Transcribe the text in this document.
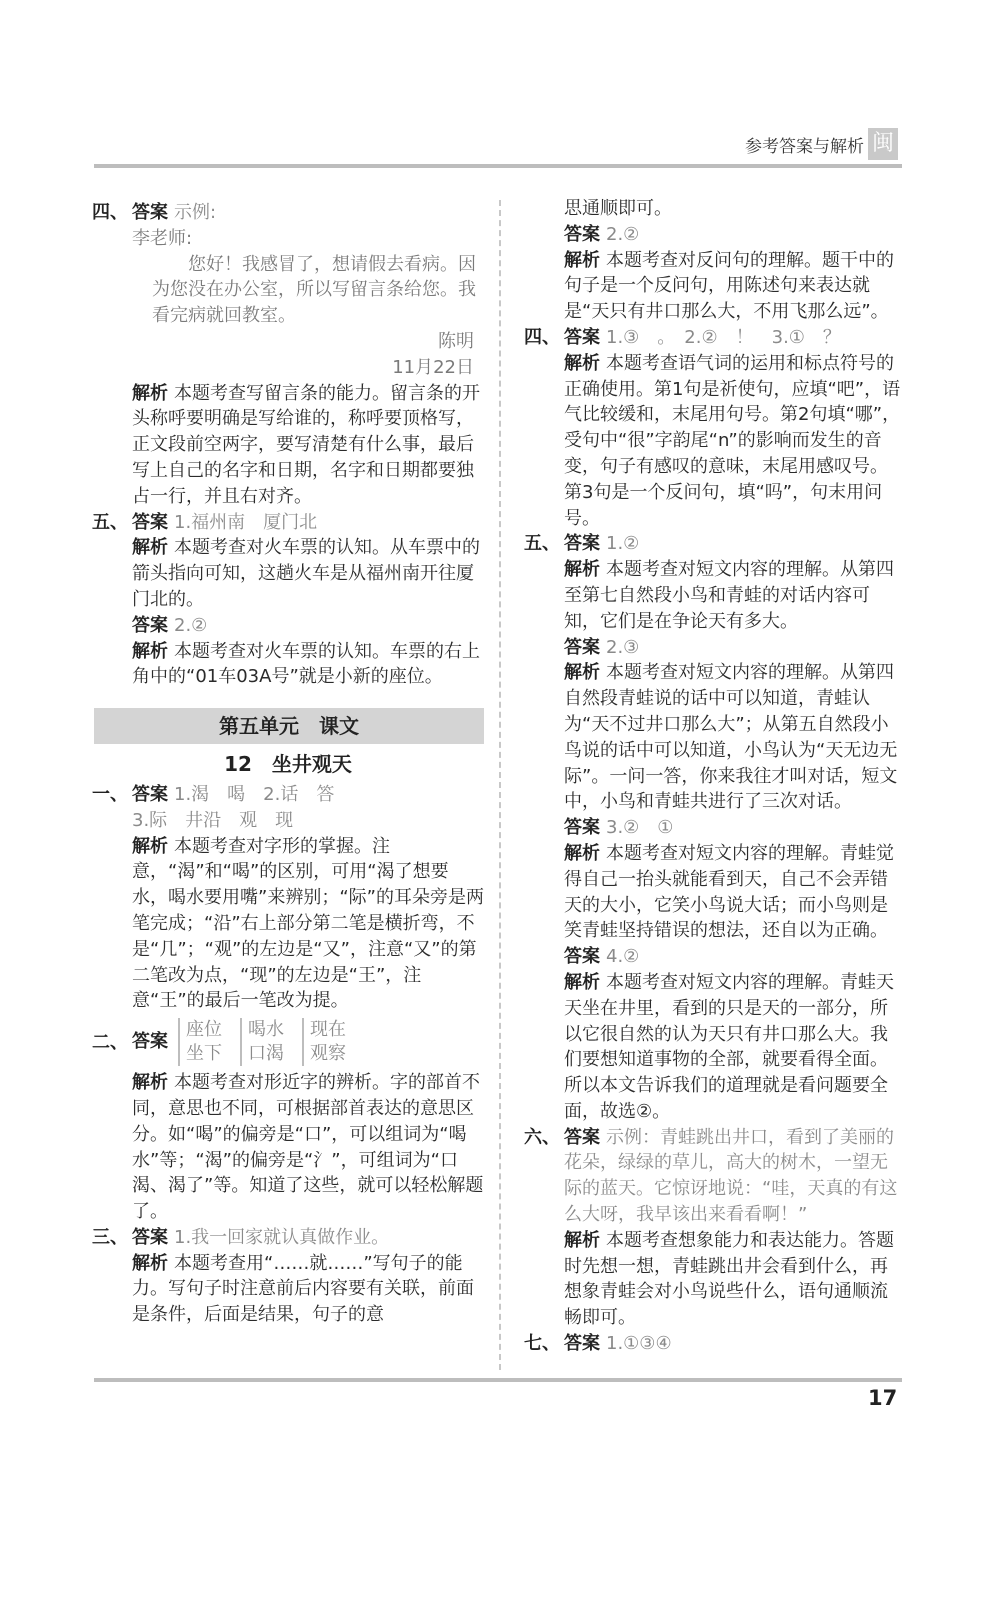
参考答案与解析 闽
四、 答案 示例:
李老师:
您好！我感冒了，想请假去看病。因为您没在办公室，所以写留言条给您。我看完病就回教室。
陈明
11月22日
解析 本题考查写留言条的能力。留言条的开头称呼要明确是写给谁的，称呼要顶格写，正文段前空两字，要写清楚有什么事，最后写上自己的名字和日期，名字和日期都要独占一行，并且右对齐。
五、 答案 1.福州南　厦门北
解析 本题考查对火车票的认知。从车票中的箭头指向可知，这趟火车是从福州南开往厦门北的。
答案 2.②
解析 本题考查对火车票的认知。车票的右上角中的“01车03A号”就是小新的座位。
第五单元　课文
12　坐井观天
一、 答案 1.渴　喝　2.话　答
3.际　井沿　观　现
解析 本题考查对字形的掌握。注意，“渴”和“喝”的区别，可用“渴了想要水，喝水要用嘴”来辨别；“际”的耳朵旁是两笔完成；“沿”右上部分第二笔是横折弯，不是“几”；“观”的左边是“又”，注意“又”的第二笔改为点，“现”的左边是“王”，注意“王”的最后一笔改为提。
二、 答案
座位
坐下
喝水
口渴
现在
观察
解析 本题考查对形近字的辨析。字的部首不同，意思也不同，可根据部首表达的意思区分。如“喝”的偏旁是“口”，可以组词为“喝水”等；“渴”的偏旁是“氵”，可组词为“口渴、渴了”等。知道了这些，就可以轻松解题了。
三、 答案 1.我一回家就认真做作业。
解析 本题考查用“……就……”写句子的能力。写句子时注意前后内容要有关联，前面是条件，后面是结果，句子的意
思通顺即可。
答案 2.②
解析 本题考查对反问句的理解。题干中的句子是一个反问句，用陈述句来表达就是“天只有井口那么大，不用飞那么远”。
四、 答案 1.③　。　2.②　！　3.①　？
解析 本题考查语气词的运用和标点符号的正确使用。第1句是祈使句，应填“吧”，语气比较缓和，末尾用句号。第2句填“哪”，受句中“很”字韵尾“n”的影响而发生的音变，句子有感叹的意味，末尾用感叹号。第3句是一个反问句，填“吗”，句末用问号。
五、 答案 1.②
解析 本题考查对短文内容的理解。从第四至第七自然段小鸟和青蛙的对话内容可知，它们是在争论天有多大。
答案 2.③
解析 本题考查对短文内容的理解。从第四自然段青蛙说的话中可以知道，青蛙认为“天不过井口那么大”；从第五自然段小鸟说的话中可以知道，小鸟认为“天无边无际”。一问一答，你来我往才叫对话，短文中，小鸟和青蛙共进行了三次对话。
答案 3.②　①
解析 本题考查对短文内容的理解。青蛙觉得自己一抬头就能看到天，自己不会弄错天的大小，它笑小鸟说大话；而小鸟则是笑青蛙坚持错误的想法，还自以为正确。
答案 4.②
解析 本题考查对短文内容的理解。青蛙天天坐在井里，看到的只是天的一部分，所以它很自然的认为天只有井口那么大。我们要想知道事物的全部，就要看得全面。所以本文告诉我们的道理就是看问题要全面，故选②。
六、 答案 示例：青蛙跳出井口，看到了美丽的花朵，绿绿的草儿，高大的树木，一望无际的蓝天。它惊讶地说：“哇，天真的有这么大呀，我早该出来看看啊！”
解析 本题考查想象能力和表达能力。答题时先想一想，青蛙跳出井会看到什么，再想象青蛙会对小鸟说些什么，语句通顺流畅即可。
七、 答案 1.①③④
17
